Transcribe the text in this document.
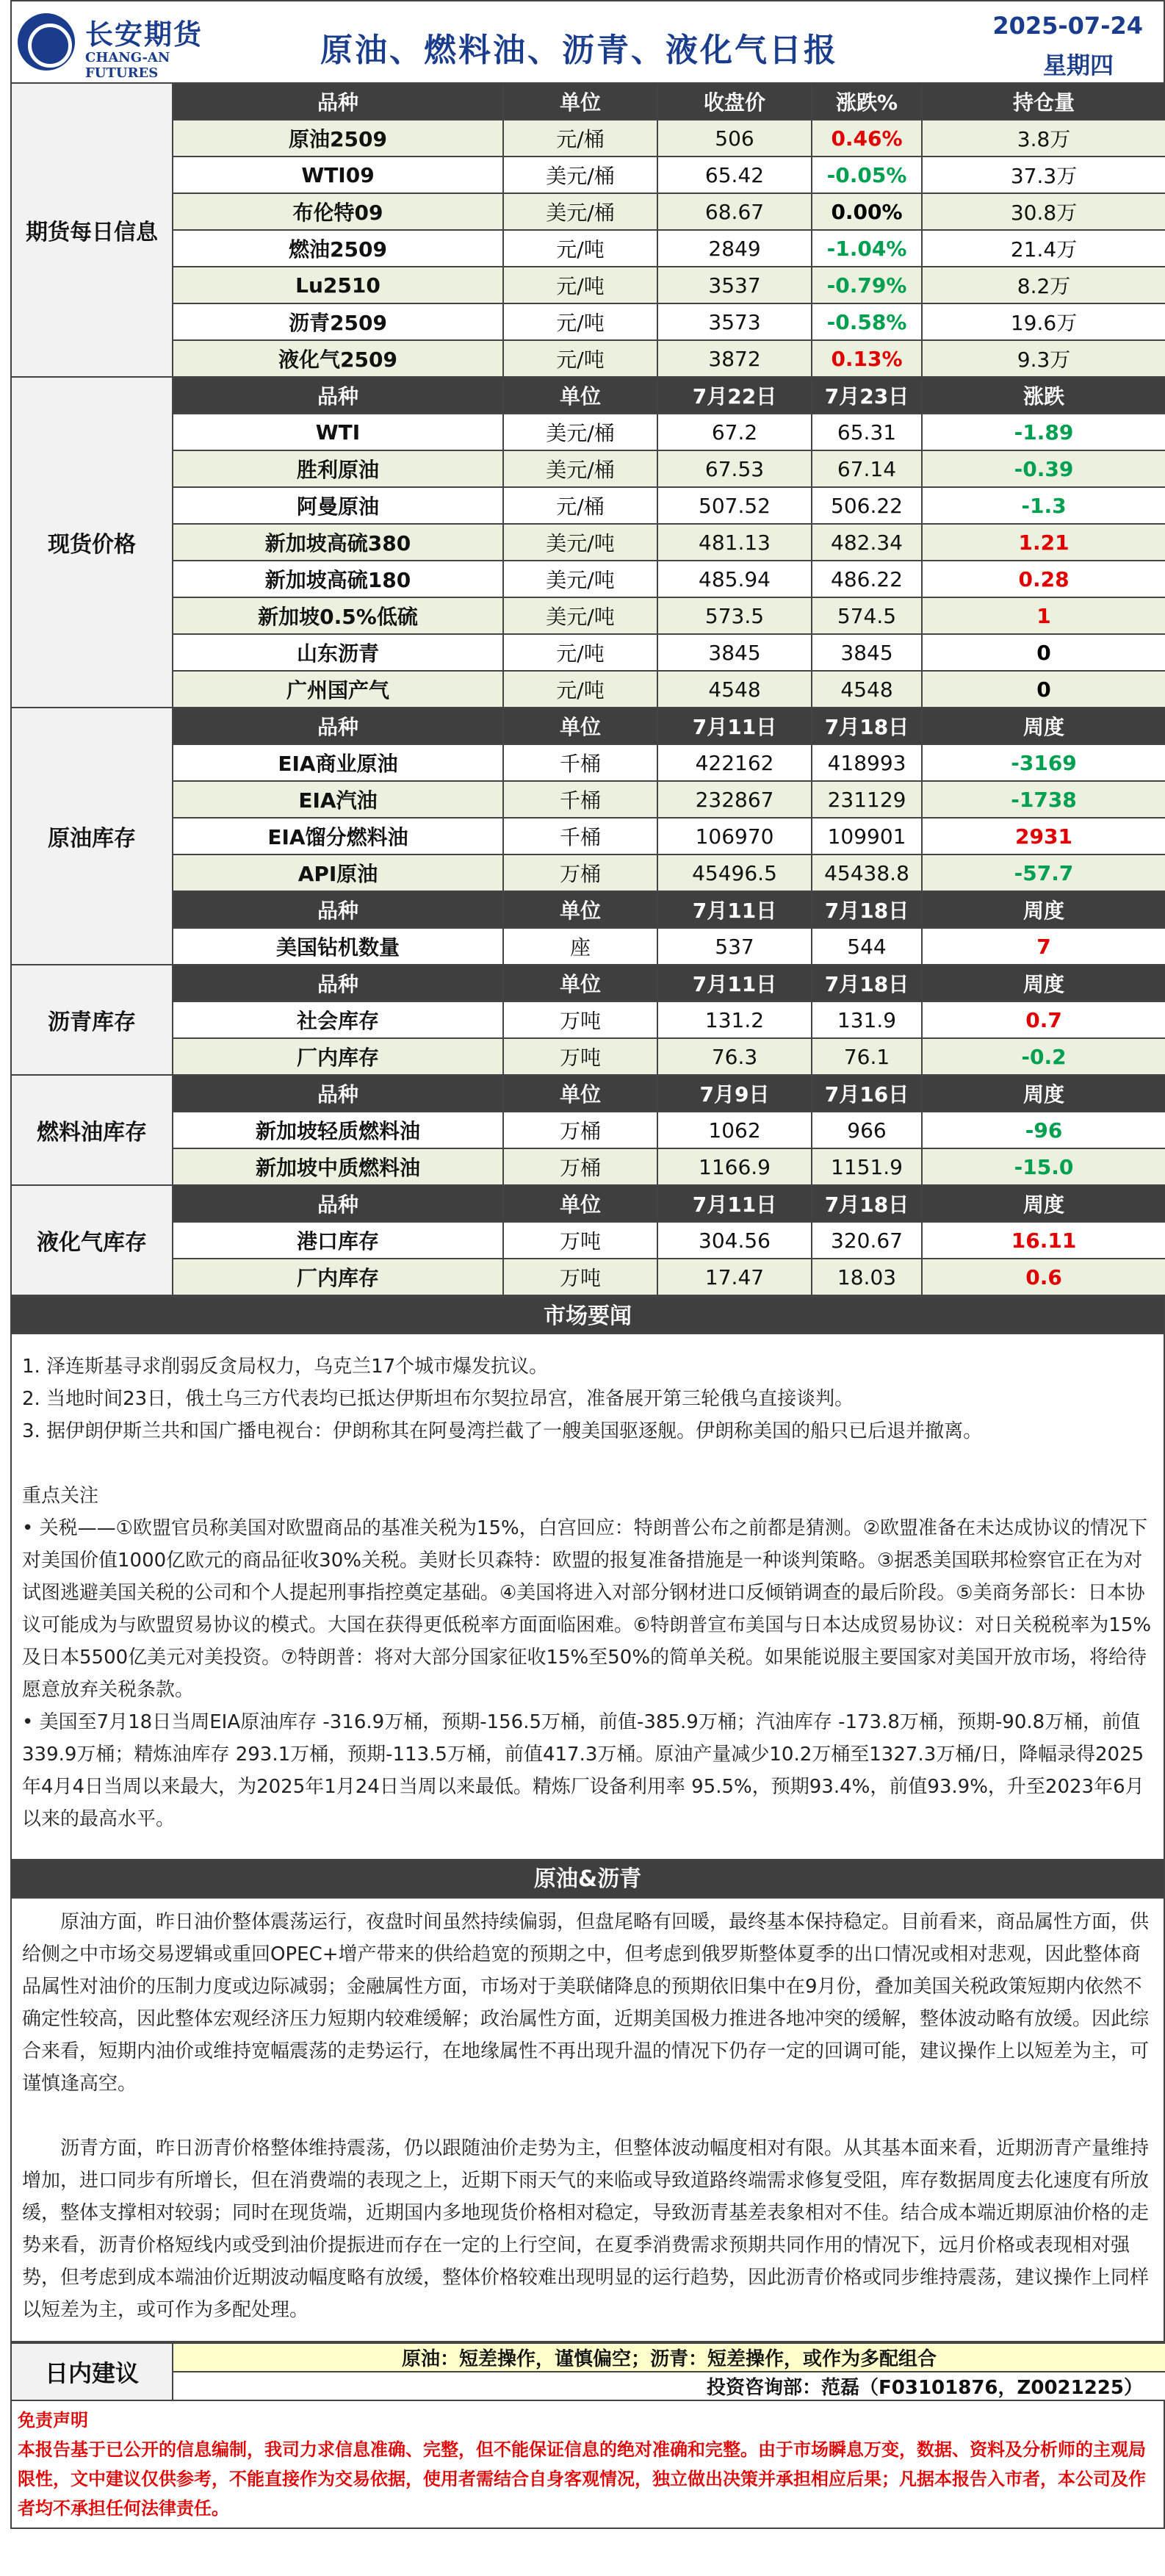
长安期货
CHANG-AN FUTURES
原油、燃料油、沥青、液化气日报
2025-07-24
星期四
期货每日信息	品种	单位	收盘价	涨跌%	持仓量	
	原油2509	元/桶	506	0.46%	3.8万	
	WTI09	美元/桶	65.42	-0.05%	37.3万	
	布伦特09	美元/桶	68.67	0.00%	30.8万	
	燃油2509	元/吨	2849	-1.04%	21.4万	
	Lu2510	元/吨	3537	-0.79%	8.2万	
	沥青2509	元/吨	3573	-0.58%	19.6万	
	液化气2509	元/吨	3872	0.13%	9.3万	
现货价格	品种	单位	7月22日	7月23日	涨跌	
	WTI	美元/桶	67.2	65.31	-1.89	
	胜利原油	美元/桶	67.53	67.14	-0.39	
	阿曼原油	元/桶	507.52	506.22	-1.3	
	新加坡高硫380	美元/吨	481.13	482.34	1.21	
	新加坡高硫180	美元/吨	485.94	486.22	0.28	
	新加坡0.5%低硫	美元/吨	573.5	574.5	1	
	山东沥青	元/吨	3845	3845	0	
	广州国产气	元/吨	4548	4548	0	
原油库存	品种	单位	7月11日	7月18日	周度	
	EIA商业原油	千桶	422162	418993	-3169	

	EIA汽油	千桶	232867	231129	-1738	

	EIA馏分燃料油	千桶	106970	109901	2931	

	API原油	万桶	45496.5	45438.8	-57.7	

	品种	单位	7月11日	7月18日	周度	
	美国钻机数量	座	537	544	7	

沥青库存	品种	单位	7月11日	7月18日	周度	
	社会库存	万吨	131.2	131.9	0.7	

	厂内库存	万吨	76.3	76.1	-0.2	

燃料油库存	品种	单位	7月9日	7月16日	周度	
	新加坡轻质燃料油	万桶	1062	966	-96	

	新加坡中质燃料油	万桶	1166.9	1151.9	-15.0	

液化气库存	品种	单位	7月11日	7月18日	周度	
	港口库存	万吨	304.56	320.67	16.11	

	厂内库存	万吨	17.47	18.03	0.6	
市场要闻

1. 泽连斯基寻求削弱反贪局权力，乌克兰17个城市爆发抗议。

2. 当地时间23日，俄土乌三方代表均已抵达伊斯坦布尔契拉昂宫，准备展开第三轮俄乌直接谈判。

3. 据伊朗伊斯兰共和国广播电视台：伊朗称其在阿曼湾拦截了一艘美国驱逐舰。伊朗称美国的船只已后退并撤离。

重点关注

• 关税——①欧盟官员称美国对欧盟商品的基准关税为15%，白宫回应：特朗普公布之前都是猜测。②欧盟准备在未达成协议的情况下对美国价值1000亿欧元的商品征收30%关税。美财长贝森特：欧盟的报复准备措施是一种谈判策略。③据悉美国联邦检察官正在为对试图逃避美国关税的公司和个人提起刑事指控奠定基础。④美国将进入对部分钢材进口反倾销调查的最后阶段。⑤美商务部长：日本协议可能成为与欧盟贸易协议的模式。大国在获得更低税率方面面临困难。⑥特朗普宣布美国与日本达成贸易协议：对日关税税率为15%及日本5500亿美元对美投资。⑦特朗普：将对大部分国家征收15%至50%的简单关税。如果能说服主要国家对美国开放市场，将给待愿意放弃关税条款。

• 美国至7月18日当周EIA原油库存 -316.9万桶，预期-156.5万桶，前值-385.9万桶；汽油库存 -173.8万桶，预期-90.8万桶，前值339.9万桶；精炼油库存 293.1万桶，预期-113.5万桶，前值417.3万桶。原油产量减少10.2万桶至1327.3万桶/日，降幅录得2025年4月4日当周以来最大，为2025年1月24日当周以来最低。精炼厂设备利用率 95.5%，预期93.4%，前值93.9%，升至2023年6月以来的最高水平。

原油&沥青

原油方面，昨日油价整体震荡运行，夜盘时间虽然持续偏弱，但盘尾略有回暖，最终基本保持稳定。目前看来，商品属性方面，供给侧之中市场交易逻辑或重回OPEC+增产带来的供给趋宽的预期之中，但考虑到俄罗斯整体夏季的出口情况或相对悲观，因此整体商品属性对油价的压制力度或边际减弱；金融属性方面，市场对于美联储降息的预期依旧集中在9月份，叠加美国关税政策短期内依然不确定性较高，因此整体宏观经济压力短期内较难缓解；政治属性方面，近期美国极力推进各地冲突的缓解，整体波动略有放缓。因此综合来看，短期内油价或维持宽幅震荡的走势运行，在地缘属性不再出现升温的情况下仍存一定的回调可能，建议操作上以短差为主，可谨慎逢高空。

沥青方面，昨日沥青价格整体维持震荡，仍以跟随油价走势为主，但整体波动幅度相对有限。从其基本面来看，近期沥青产量维持增加，进口同步有所增长，但在消费端的表现之上，近期下雨天气的来临或导致道路终端需求修复受阻，库存数据周度去化速度有所放缓，整体支撑相对较弱；同时在现货端，近期国内多地现货价格相对稳定，导致沥青基差表象相对不佳。结合成本端近期原油价格的走势来看，沥青价格短线内或受到油价提振进而存在一定的上行空间，在夏季消费需求预期共同作用的情况下，远月价格或表现相对强势，但考虑到成本端油价近期波动幅度略有放缓，整体价格较难出现明显的运行趋势，因此沥青价格或同步维持震荡，建议操作上同样以短差为主，或可作为多配处理。

日内建议	原油：短差操作，谨慎偏空；沥青：短差操作，或作为多配组合
投资咨询部：范磊（F03101876，Z0021225）
免责声明
本报告基于已公开的信息编制，我司力求信息准确、完整，但不能保证信息的绝对准确和完整。由于市场瞬息万变，数据、资料及分析师的主观局限性，文中建议仅供参考，不能直接作为交易依据，使用者需结合自身客观情况，独立做出决策并承担相应后果；凡据本报告入市者，本公司及作者均不承担任何法律责任。
